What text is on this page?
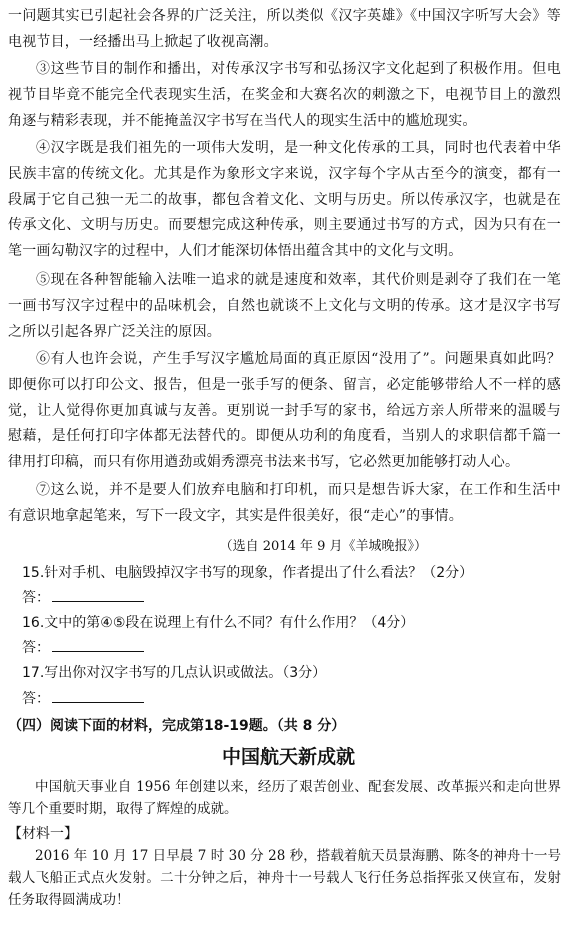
一问题其实已引起社会各界的广泛关注，所以类似《汉字英雄》《中国汉字听写大会》等电视节目，一经播出马上掀起了收视高潮。
③这些节目的制作和播出，对传承汉字书写和弘扬汉字文化起到了积极作用。但电视节目毕竟不能完全代表现实生活，在奖金和大赛名次的刺激之下，电视节目上的激烈角逐与精彩表现，并不能掩盖汉字书写在当代人的现实生活中的尴尬现实。
④汉字既是我们祖先的一项伟大发明，是一种文化传承的工具，同时也代表着中华民族丰富的传统文化。尤其是作为象形文字来说，汉字每个字从古至今的演变，都有一段属于它自己独一无二的故事，都包含着文化、文明与历史。所以传承汉字，也就是在传承文化、文明与历史。而要想完成这种传承，则主要通过书写的方式，因为只有在一笔一画勾勒汉字的过程中，人们才能深切体悟出蕴含其中的文化与文明。
⑤现在各种智能输入法唯一追求的就是速度和效率，其代价则是剥夺了我们在一笔一画书写汉字过程中的品味机会，自然也就谈不上文化与文明的传承。这才是汉字书写之所以引起各界广泛关注的原因。
⑥有人也许会说，产生手写汉字尴尬局面的真正原因“没用了”。问题果真如此吗？即便你可以打印公文、报告，但是一张手写的便条、留言，必定能够带给人不一样的感觉，让人觉得你更加真诚与友善。更别说一封手写的家书，给远方亲人所带来的温暖与慰藉，是任何打印字体都无法替代的。即便从功利的角度看，当别人的求职信都千篇一律用打印稿，而只有你用遒劲或娟秀漂亮书法来书写，它必然更加能够打动人心。
⑦这么说，并不是要人们放弃电脑和打印机，而只是想告诉大家，在工作和生活中有意识地拿起笔来，写下一段文字，其实是件很美好，很“走心”的事情。
（选自 2014 年 9 月《羊城晚报》）
15.针对手机、电脑毁掉汉字书写的现象，作者提出了什么看法？（2分）
答：
16.文中的第④⑤段在说理上有什么不同？有什么作用？（4分）
答：
17.写出你对汉字书写的几点认识或做法。（3分）
答：
（四）阅读下面的材料，完成第18-19题。（共 8 分）
中国航天新成就
中国航天事业自 1956 年创建以来，经历了艰苦创业、配套发展、改革振兴和走向世界等几个重要时期，取得了辉煌的成就。
【材料一】
2016 年 10 月 17 日早晨 7 时 30 分 28 秒，搭载着航天员景海鹏、陈冬的神舟十一号载人飞船正式点火发射。二十分钟之后，神舟十一号载人飞行任务总指挥张又侠宣布，发射任务取得圆满成功！
